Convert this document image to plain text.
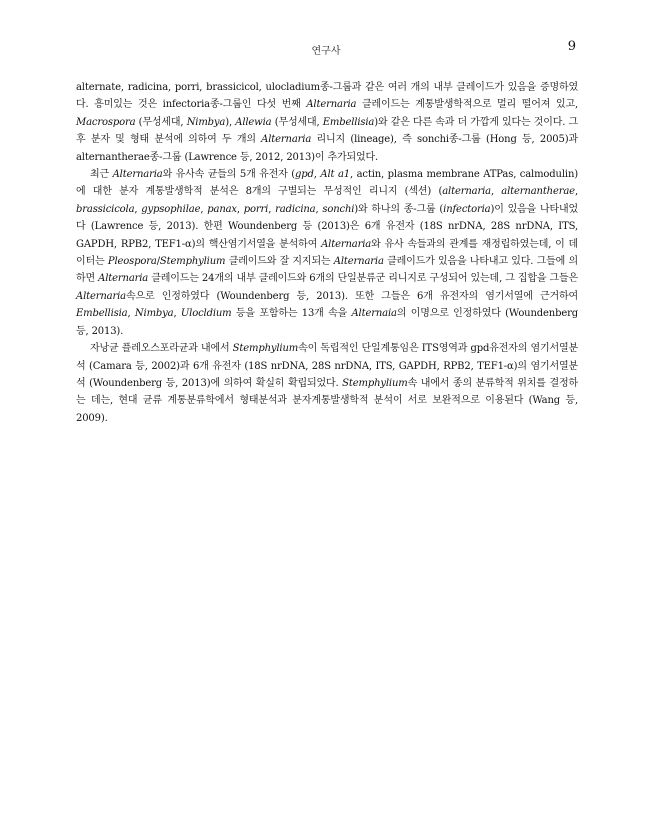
연구사	9

alternate, radicina, porri, brassicicol, ulocladium종-그룹과 같은 여러 개의 내부 클레이드가 있음을 증명하였다. 흥미있는 것은 infectoria종-그룹인 다섯 번째 Alternaria 클레이드는 계통발생학적으로 멀리 떨어져 있고, Macrospora (무성세대, Nimbya), Allewia (무성세대, Embellisia)와 같은 다른 속과 더 가깝게 있다는 것이다. 그 후 분자 및 형태 분석에 의하여 두 개의 Alternaria 리니지 (lineage), 즉 sonchi종-그룹 (Hong 등, 2005)과 alternantherae종-그룹 (Lawrence 등, 2012, 2013)이 추가되었다.

최근 Alternaria와 유사속 균들의 5개 유전자 (gpd, Alt a1, actin, plasma membrane ATPas, calmodulin)에 대한 분자 계통발생학적 분석은 8개의 구별되는 무성적인 리니지 (섹션) (alternaria, alternantherae, brassicicola, gypsophilae, panax, porri, radicina, sonchi)와 하나의 종-그룹 (infectoria)이 있음을 나타내었다 (Lawrence 등, 2013). 한편 Woundenberg 등 (2013)은 6개 유전자 (18S nrDNA, 28S nrDNA, ITS, GAPDH, RPB2, TEF1-α)의 핵산염기서열을 분석하여 Alternaria와 유사 속들과의 관계를 재정립하였는데, 이 데이터는 Pleospora/Stemphylium 클레이드와 잘 지지되는 Alternaria 클레이드가 있음을 나타내고 있다. 그들에 의하면 Alternaria 클레이드는 24개의 내부 클레이드와 6개의 단일분류군 리니지로 구성되어 있는데, 그 집합을 그들은 Alternaria속으로 인정하였다 (Woundenberg 등, 2013). 또한 그들은 6개 유전자의 염기서열에 근거하여 Embellisia, Nimbya, Ulocldium 등을 포함하는 13개 속을 Alternaia의 이명으로 인정하였다 (Woundenberg 등, 2013).

자낭균 플레오스포라균과 내에서 Stemphylium속이 독립적인 단일계통임은 ITS영역과 gpd유전자의 염기서열분석 (Camara 등, 2002)과 6개 유전자 (18S nrDNA, 28S nrDNA, ITS, GAPDH, RPB2, TEF1-α)의 염기서열분석 (Woundenberg 등, 2013)에 의하여 확실히 확립되었다. Stemphylium속 내에서 종의 분류학적 위치를 결정하는 데는, 현대 균류 계통분류학에서 형태분석과 분자계통발생학적 분석이 서로 보완적으로 이용된다 (Wang 등, 2009).
